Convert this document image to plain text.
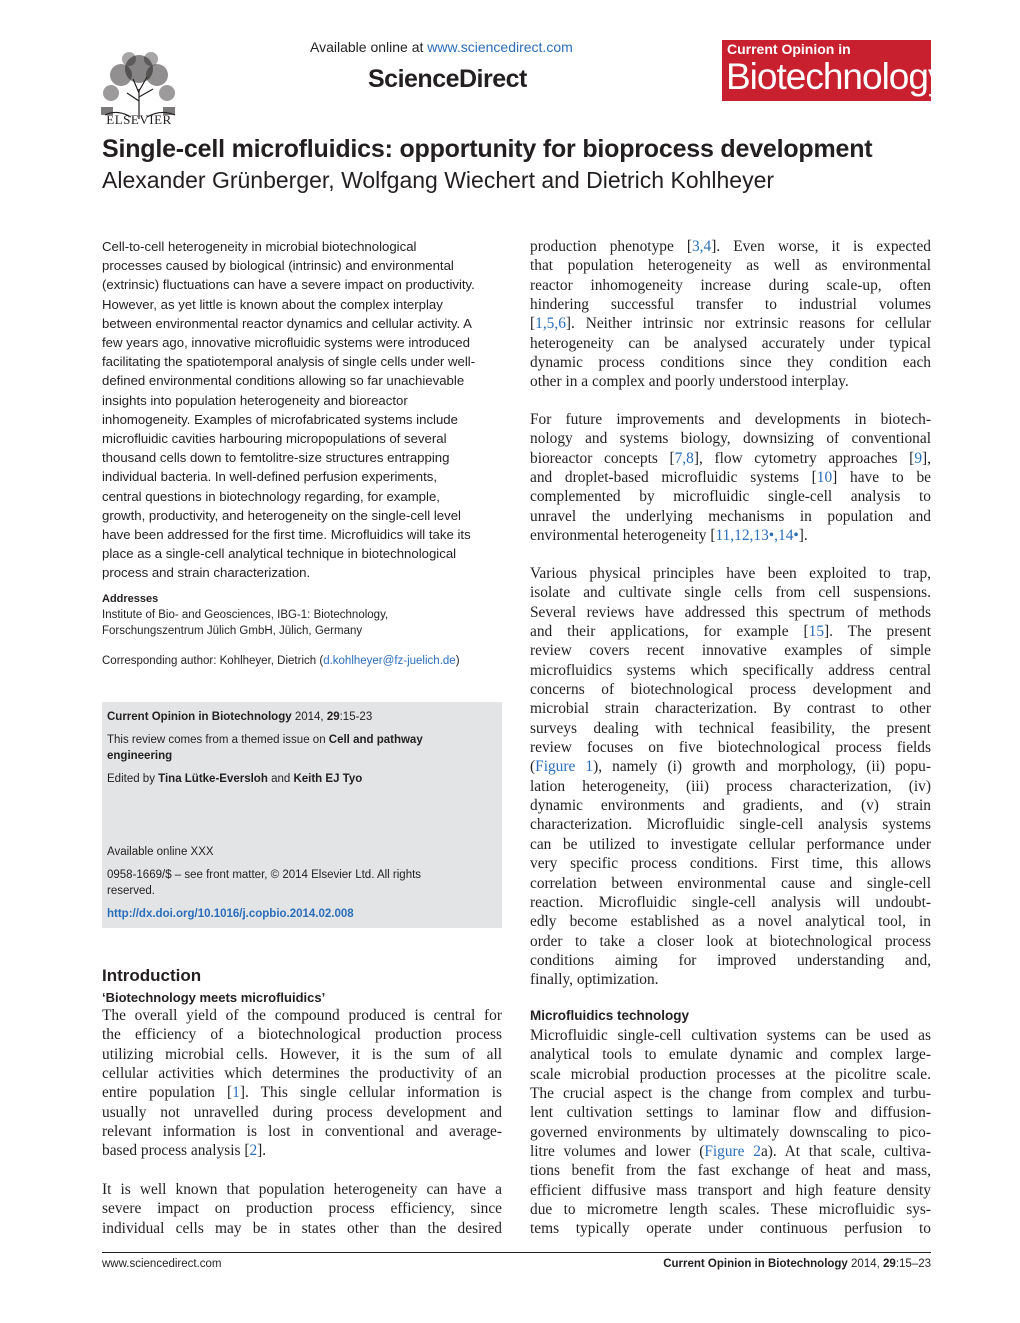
ELSEVIER
Available online at www.sciencedirect.com
ScienceDirect
Current Opinion in
Biotechnology
Single-cell microfluidics: opportunity for bioprocess development
Alexander Grünberger, Wolfgang Wiechert and Dietrich Kohlheyer
Cell-to-cell heterogeneity in microbial biotechnological
processes caused by biological (intrinsic) and environmental
(extrinsic) fluctuations can have a severe impact on productivity.
However, as yet little is known about the complex interplay
between environmental reactor dynamics and cellular activity. A
few years ago, innovative microfluidic systems were introduced
facilitating the spatiotemporal analysis of single cells under well-
defined environmental conditions allowing so far unachievable
insights into population heterogeneity and bioreactor
inhomogeneity. Examples of microfabricated systems include
microfluidic cavities harbouring micropopulations of several
thousand cells down to femtolitre-size structures entrapping
individual bacteria. In well-defined perfusion experiments,
central questions in biotechnology regarding, for example,
growth, productivity, and heterogeneity on the single-cell level
have been addressed for the first time. Microfluidics will take its
place as a single-cell analytical technique in biotechnological
process and strain characterization.
Addresses
Institute of Bio- and Geosciences, IBG-1: Biotechnology,
Forschungszentrum Jülich GmbH, Jülich, Germany
Corresponding author: Kohlheyer, Dietrich (d.kohlheyer@fz-juelich.de)
Current Opinion in Biotechnology 2014, 29:15-23
This review comes from a themed issue on Cell and pathway engineering
Edited by Tina Lütke-Eversloh and Keith EJ Tyo
Available online XXX
0958-1669/$ – see front matter, © 2014 Elsevier Ltd. All rights reserved.
http://dx.doi.org/10.1016/j.copbio.2014.02.008
Introduction
‘Biotechnology meets microfluidics’
The overall yield of the compound produced is central for
the efficiency of a biotechnological production process
utilizing microbial cells. However, it is the sum of all
cellular activities which determines the productivity of an
entire population [1]. This single cellular information is
usually not unravelled during process development and
relevant information is lost in conventional and average-
based process analysis [2].
It is well known that population heterogeneity can have a
severe impact on production process efficiency, since
individual cells may be in states other than the desired
production phenotype [3,4]. Even worse, it is expected
that population heterogeneity as well as environmental
reactor inhomogeneity increase during scale-up, often
hindering successful transfer to industrial volumes
[1,5,6]. Neither intrinsic nor extrinsic reasons for cellular
heterogeneity can be analysed accurately under typical
dynamic process conditions since they condition each
other in a complex and poorly understood interplay.
For future improvements and developments in biotech-
nology and systems biology, downsizing of conventional
bioreactor concepts [7,8], flow cytometry approaches [9],
and droplet-based microfluidic systems [10] have to be
complemented by microfluidic single-cell analysis to
unravel the underlying mechanisms in population and
environmental heterogeneity [11,12,13•,14•].
Various physical principles have been exploited to trap,
isolate and cultivate single cells from cell suspensions.
Several reviews have addressed this spectrum of methods
and their applications, for example [15]. The present
review covers recent innovative examples of simple
microfluidics systems which specifically address central
concerns of biotechnological process development and
microbial strain characterization. By contrast to other
surveys dealing with technical feasibility, the present
review focuses on five biotechnological process fields
(Figure 1), namely (i) growth and morphology, (ii) popu-
lation heterogeneity, (iii) process characterization, (iv)
dynamic environments and gradients, and (v) strain
characterization. Microfluidic single-cell analysis systems
can be utilized to investigate cellular performance under
very specific process conditions. First time, this allows
correlation between environmental cause and single-cell
reaction. Microfluidic single-cell analysis will undoubt-
edly become established as a novel analytical tool, in
order to take a closer look at biotechnological process
conditions aiming for improved understanding and,
finally, optimization.
Microfluidics technology
Microfluidic single-cell cultivation systems can be used as
analytical tools to emulate dynamic and complex large-
scale microbial production processes at the picolitre scale.
The crucial aspect is the change from complex and turbu-
lent cultivation settings to laminar flow and diffusion-
governed environments by ultimately downscaling to pico-
litre volumes and lower (Figure 2a). At that scale, cultiva-
tions benefit from the fast exchange of heat and mass,
efficient diffusive mass transport and high feature density
due to micrometre length scales. These microfluidic sys-
tems typically operate under continuous perfusion to
www.sciencedirect.com	Current Opinion in Biotechnology 2014, 29:15–23
